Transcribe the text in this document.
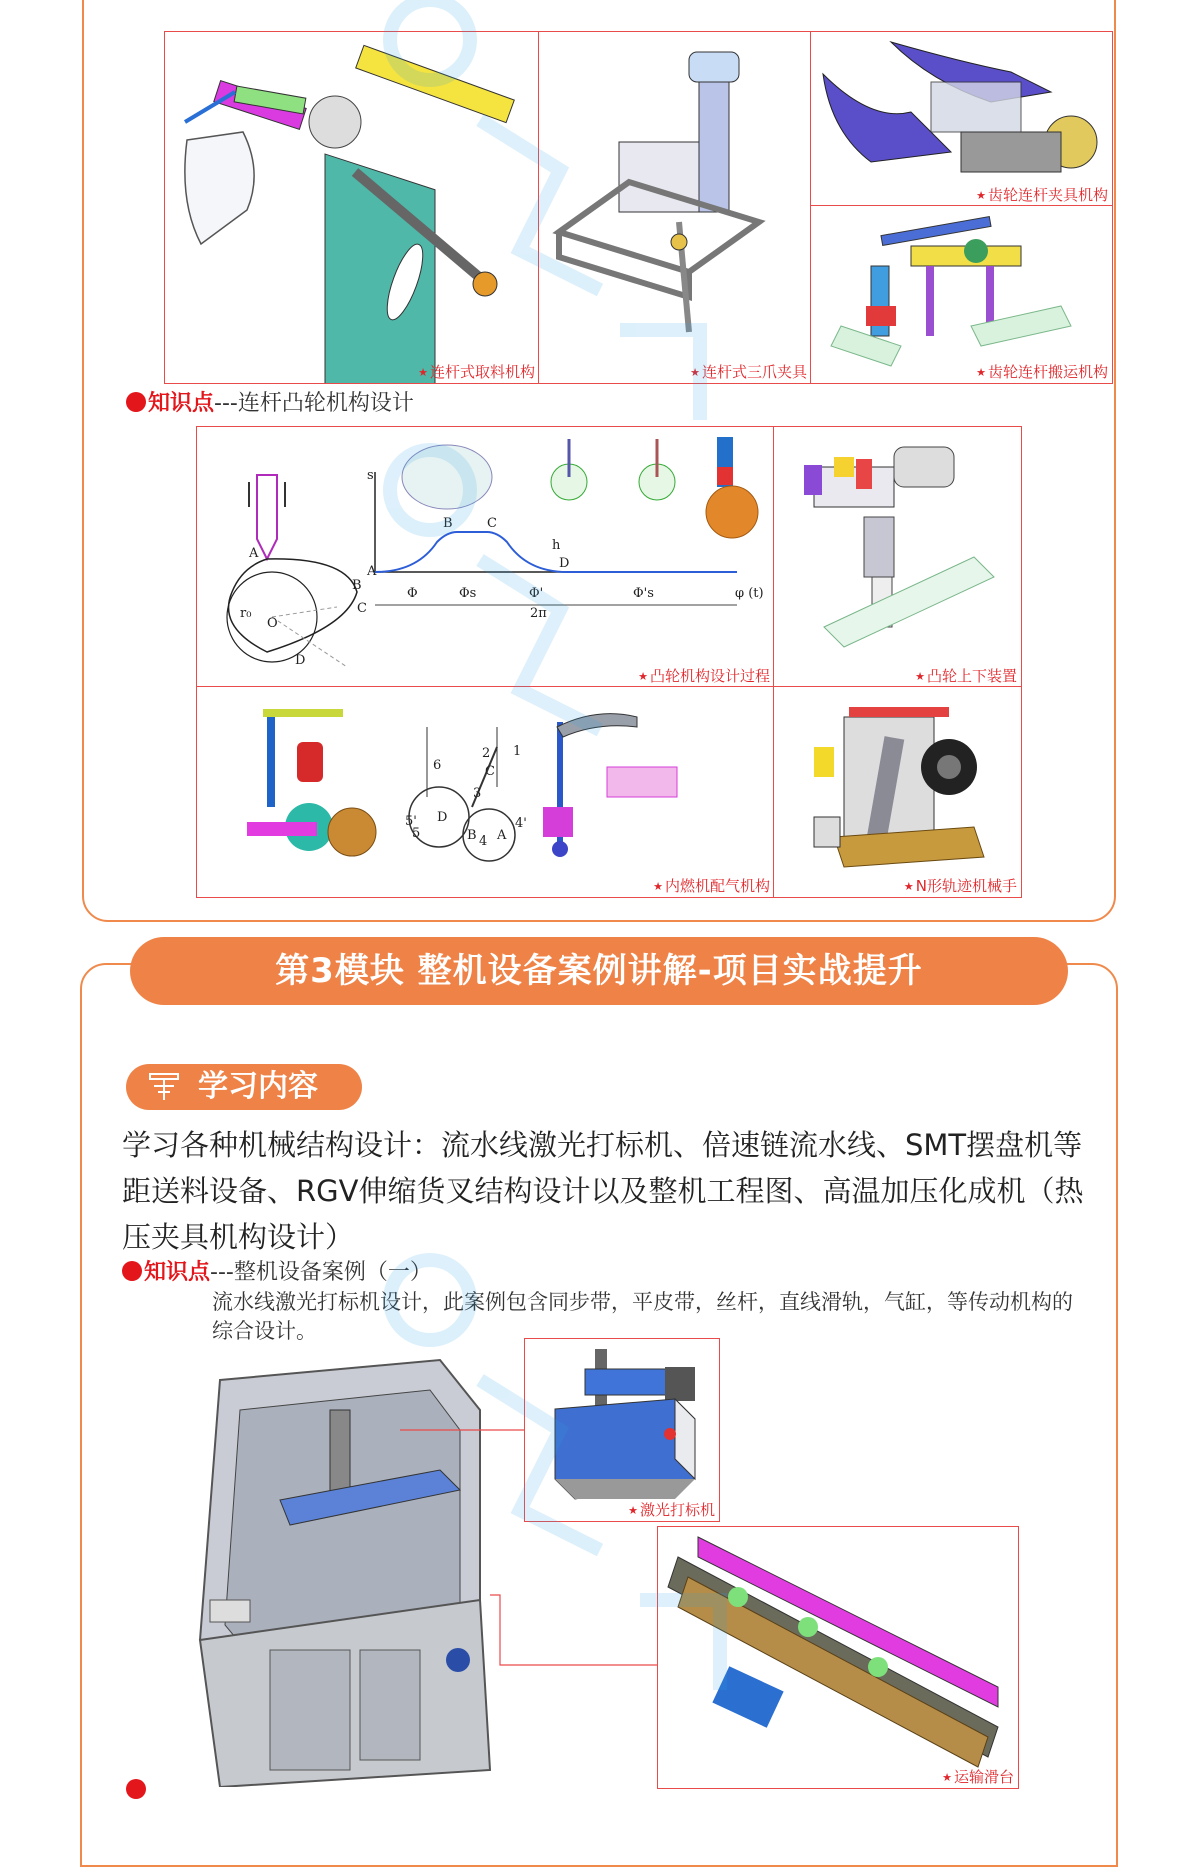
★ 连杆式取料机构	★ 连杆式三爪夹具
★ 齿轮连杆夹具机构
★ 齿轮连杆搬运机构
知识点---连杆凸轮机构设计
A
B
C
D
r₀
O
s
B	C
D
A
h
Φ	Φs	Φ'	Φ's
2π
φ (t)
★ 凸轮机构设计过程	★ 凸轮上下装置
6
2 1
C
3
5'
5
D
B A
4
4'
★ 内燃机配气机构	★ N形轨迹机械手
第3模块 整机设备案例讲解-项目实战提升
学习内容
学习各种机械结构设计：流水线激光打标机、倍速链流水线、SMT摆盘机等距送料设备、RGV伸缩货叉结构设计以及整机工程图、高温加压化成机（热压夹具机构设计）
知识点---整机设备案例（一）
流水线激光打标机设计，此案例包含同步带，平皮带，丝杆，直线滑轨，气缸，等传动机构的综合设计。
★ 激光打标机
★ 运输滑台
